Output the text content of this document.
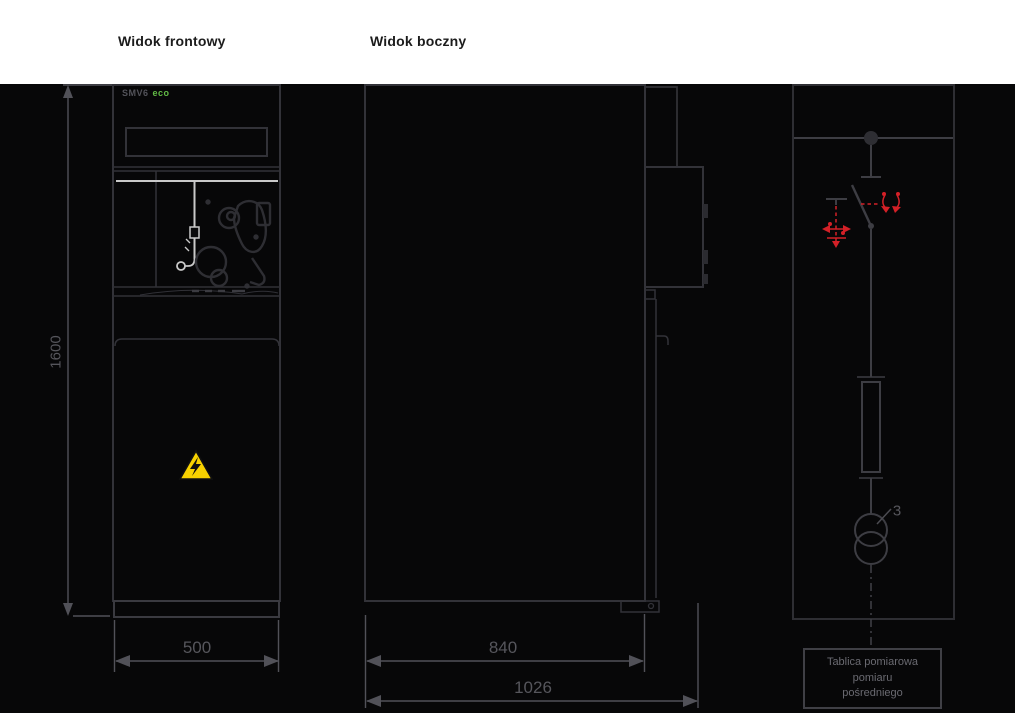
Widok frontowy	Widok boczny
SMV6 eco
1600
500	840
1026
3
Tablica pomiarowa
pomiaru
pośredniego
